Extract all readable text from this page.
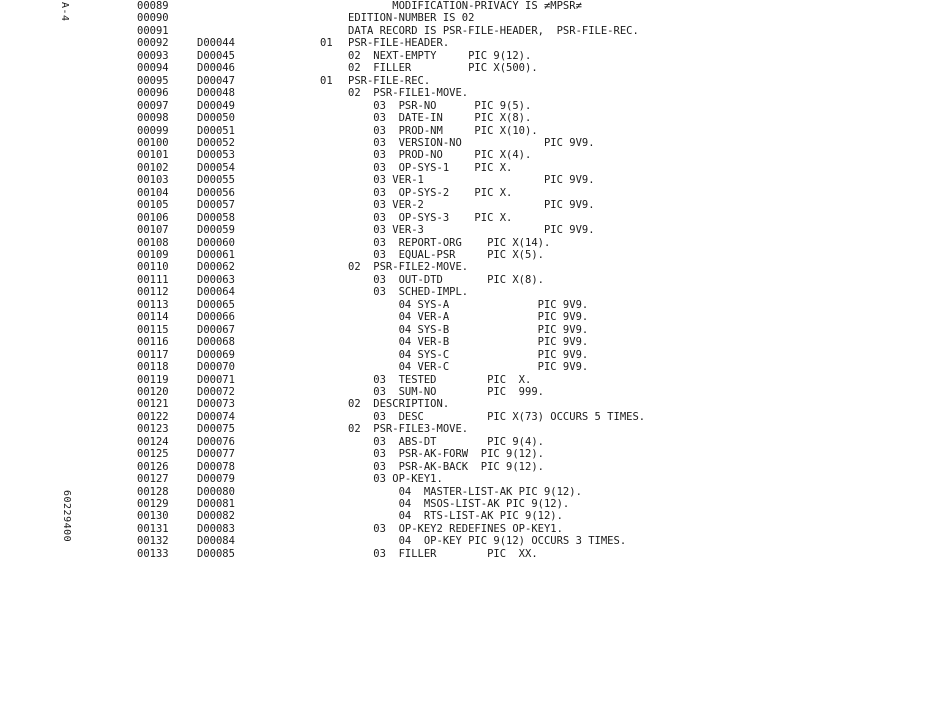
A-4
60229400
00089	MODIFICATION-PRIVACY IS ≠MPSR≠
00090	EDITION-NUMBER IS 02
00091	DATA RECORD IS PSR-FILE-HEADER,  PSR-FILE-REC.
00092	D00044	01 PSR-FILE-HEADER.
00093	D00045	02  NEXT-EMPTY     PIC 9(12).
00094	D00046	02  FILLER         PIC X(500).
00095	D00047	01 PSR-FILE-REC.
00096	D00048	02  PSR-FILE1-MOVE.
00097	D00049	03  PSR-NO      PIC 9(5).
00098	D00050	03  DATE-IN     PIC X(8).
00099	D00051	03  PROD-NM     PIC X(10).
00100	D00052	03  VERSION-NO             PIC 9V9.
00101	D00053	03  PROD-NO     PIC X(4).
00102	D00054	03  OP-SYS-1    PIC X.
00103	D00055	03 VER-1                   PIC 9V9.
00104	D00056	03  OP-SYS-2    PIC X.
00105	D00057	03 VER-2                   PIC 9V9.
00106	D00058	03  OP-SYS-3    PIC X.
00107	D00059	03 VER-3                   PIC 9V9.
00108	D00060	03  REPORT-ORG    PIC X(14).
00109	D00061	03  EQUAL-PSR     PIC X(5).
00110	D00062	02  PSR-FILE2-MOVE.
00111	D00063	03  OUT-DTD       PIC X(8).
00112	D00064	03  SCHED-IMPL.
00113	D00065	04 SYS-A              PIC 9V9.
00114	D00066	04 VER-A              PIC 9V9.
00115	D00067	04 SYS-B              PIC 9V9.
00116	D00068	04 VER-B              PIC 9V9.
00117	D00069	04 SYS-C              PIC 9V9.
00118	D00070	04 VER-C              PIC 9V9.
00119	D00071	03  TESTED        PIC  X.
00120	D00072	03  SUM-NO        PIC  999.
00121	D00073	02  DESCRIPTION.
00122	D00074	03  DESC          PIC X(73) OCCURS 5 TIMES.
00123	D00075	02  PSR-FILE3-MOVE.
00124	D00076	03  ABS-DT        PIC 9(4).
00125	D00077	03  PSR-AK-FORW  PIC 9(12).
00126	D00078	03  PSR-AK-BACK  PIC 9(12).
00127	D00079	03 OP-KEY1.
00128	D00080	04  MASTER-LIST-AK PIC 9(12).
00129	D00081	04  MSOS-LIST-AK PIC 9(12).
00130	D00082	04  RTS-LIST-AK PIC 9(12).
00131	D00083	03  OP-KEY2 REDEFINES OP-KEY1.
00132	D00084	04  OP-KEY PIC 9(12) OCCURS 3 TIMES.
00133	D00085	03  FILLER        PIC  XX.
